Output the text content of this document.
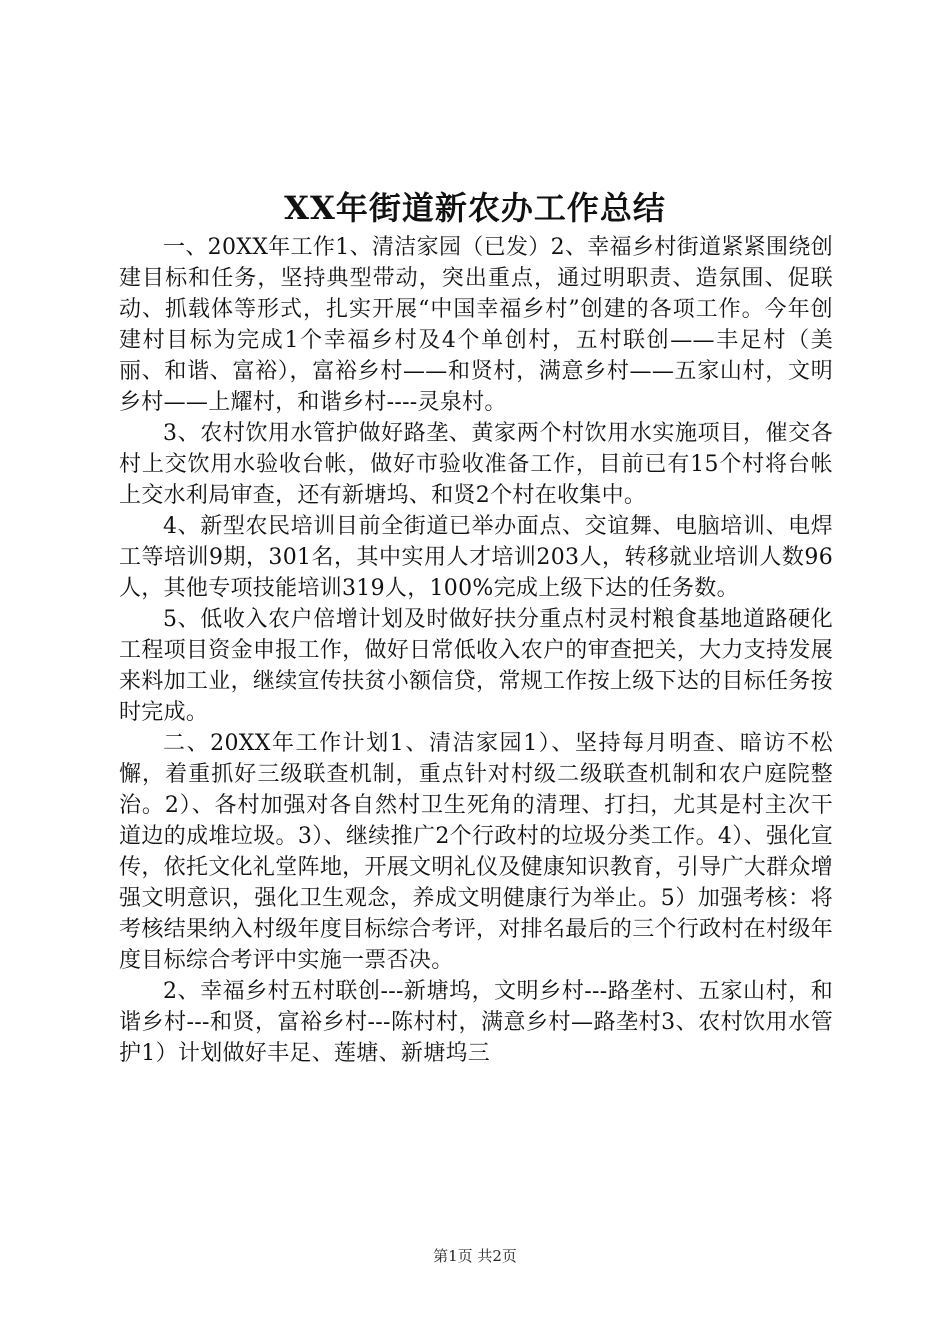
XX年街道新农办工作总结

一、20XX年工作1、清洁家园（已发）2、幸福乡村街道紧紧围绕创建目标和任务，坚持典型带动，突出重点，通过明职责、造氛围、促联动、抓载体等形式，扎实开展“中国幸福乡村”创建的各项工作。今年创建村目标为完成1个幸福乡村及4个单创村，五村联创——丰足村（美丽、和谐、富裕），富裕乡村——和贤村，满意乡村——五家山村，文明乡村——上耀村，和谐乡村----灵泉村。

3、农村饮用水管护做好路垄、黄家两个村饮用水实施项目，催交各村上交饮用水验收台帐，做好市验收准备工作，目前已有15个村将台帐上交水利局审查，还有新塘坞、和贤2个村在收集中。

4、新型农民培训目前全街道已举办面点、交谊舞、电脑培训、电焊工等培训9期，301名，其中实用人才培训203人，转移就业培训人数96人，其他专项技能培训319人，100%完成上级下达的任务数。

5、低收入农户倍增计划及时做好扶分重点村灵村粮食基地道路硬化工程项目资金申报工作，做好日常低收入农户的审查把关，大力支持发展来料加工业，继续宣传扶贫小额信贷，常规工作按上级下达的目标任务按时完成。

二、20XX年工作计划1、清洁家园1）、坚持每月明查、暗访不松懈，着重抓好三级联查机制，重点针对村级二级联查机制和农户庭院整治。2）、各村加强对各自然村卫生死角的清理、打扫，尤其是村主次干道边的成堆垃圾。3）、继续推广2个行政村的垃圾分类工作。4）、强化宣传，依托文化礼堂阵地，开展文明礼仪及健康知识教育，引导广大群众增强文明意识，强化卫生观念，养成文明健康行为举止。5）加强考核：将考核结果纳入村级年度目标综合考评，对排名最后的三个行政村在村级年度目标综合考评中实施一票否决。

2、幸福乡村五村联创---新塘坞，文明乡村---路垄村、五家山村，和谐乡村---和贤，富裕乡村---陈村村，满意乡村—路垄村3、农村饮用水管护1）计划做好丰足、莲塘、新塘坞三

第1页 共2页
